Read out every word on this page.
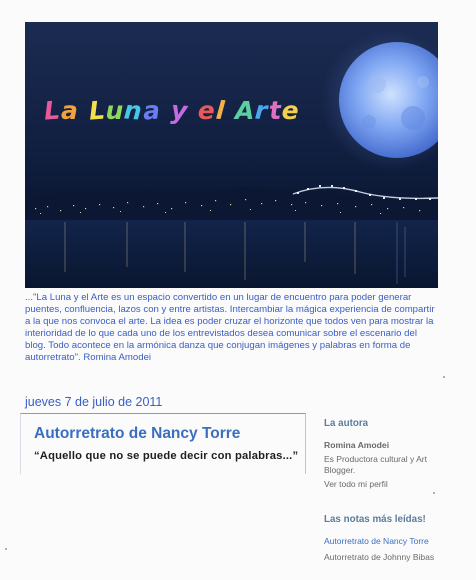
La Luna y el Arte
..."La Luna y el Arte es un espacio convertido en un lugar de encuentro para poder generar puentes, confluencia, lazos con y entre artistas. Intercambiar la mágica experiencia de compartir a la que nos convoca el arte. La idea es poder cruzar el horizonte que todos ven para mostrar la interioridad de lo que cada uno de los entrevistados desea comunicar sobre el escenario del blog. Todo acontece en la armónica danza que conjugan imágenes y palabras en forma de autorretrato". Romina Amodei
jueves 7 de julio de 2011
Autorretrato de Nancy Torre
“Aquello que no se puede decir con palabras...”
La autora
Romina Amodei
Es Productora cultural y Art Blogger.
Ver todo mi perfil
Las notas más leídas!
Autorretrato de Nancy Torre
Autorretrato de Johnny Bibas
